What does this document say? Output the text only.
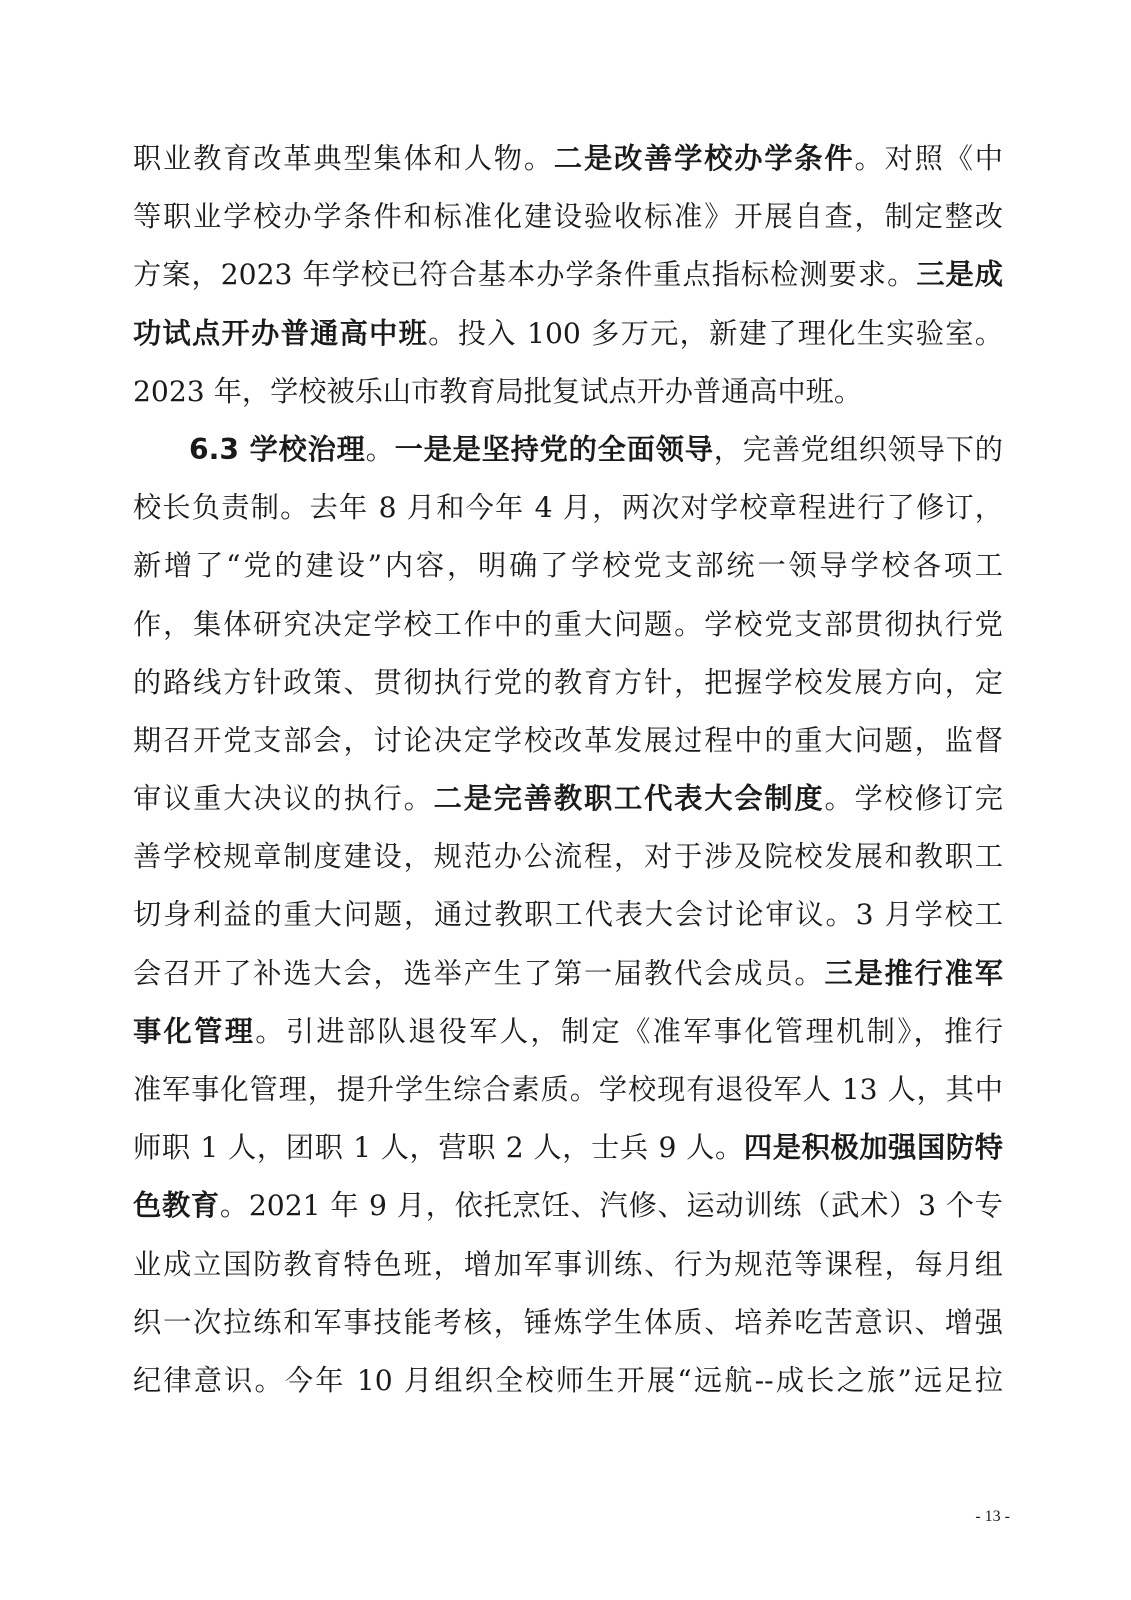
职业教育改革典型集体和人物。二是改善学校办学条件。对照《中
等职业学校办学条件和标准化建设验收标准》开展自查，制定整改
方案，2023 年学校已符合基本办学条件重点指标检测要求。三是成
功试点开办普通高中班。投入 100 多万元，新建了理化生实验室。
2023 年，学校被乐山市教育局批复试点开办普通高中班。
6.3 学校治理。一是是坚持党的全面领导，完善党组织领导下的
校长负责制。去年 8 月和今年 4 月，两次对学校章程进行了修订，
新增了“党的建设”内容，明确了学校党支部统一领导学校各项工
作，集体研究决定学校工作中的重大问题。学校党支部贯彻执行党
的路线方针政策、贯彻执行党的教育方针，把握学校发展方向，定
期召开党支部会，讨论决定学校改革发展过程中的重大问题，监督
审议重大决议的执行。二是完善教职工代表大会制度。学校修订完
善学校规章制度建设，规范办公流程，对于涉及院校发展和教职工
切身利益的重大问题，通过教职工代表大会讨论审议。3 月学校工
会召开了补选大会，选举产生了第一届教代会成员。三是推行准军
事化管理。引进部队退役军人，制定《准军事化管理机制》，推行
准军事化管理，提升学生综合素质。学校现有退役军人 13 人，其中
师职 1 人，团职 1 人，营职 2 人，士兵 9 人。四是积极加强国防特
色教育。2021 年 9 月，依托烹饪、汽修、运动训练（武术）3 个专
业成立国防教育特色班，增加军事训练、行为规范等课程，每月组
织一次拉练和军事技能考核，锤炼学生体质、培养吃苦意识、增强
纪律意识。今年 10 月组织全校师生开展“远航--成长之旅”远足拉
- 13 -
